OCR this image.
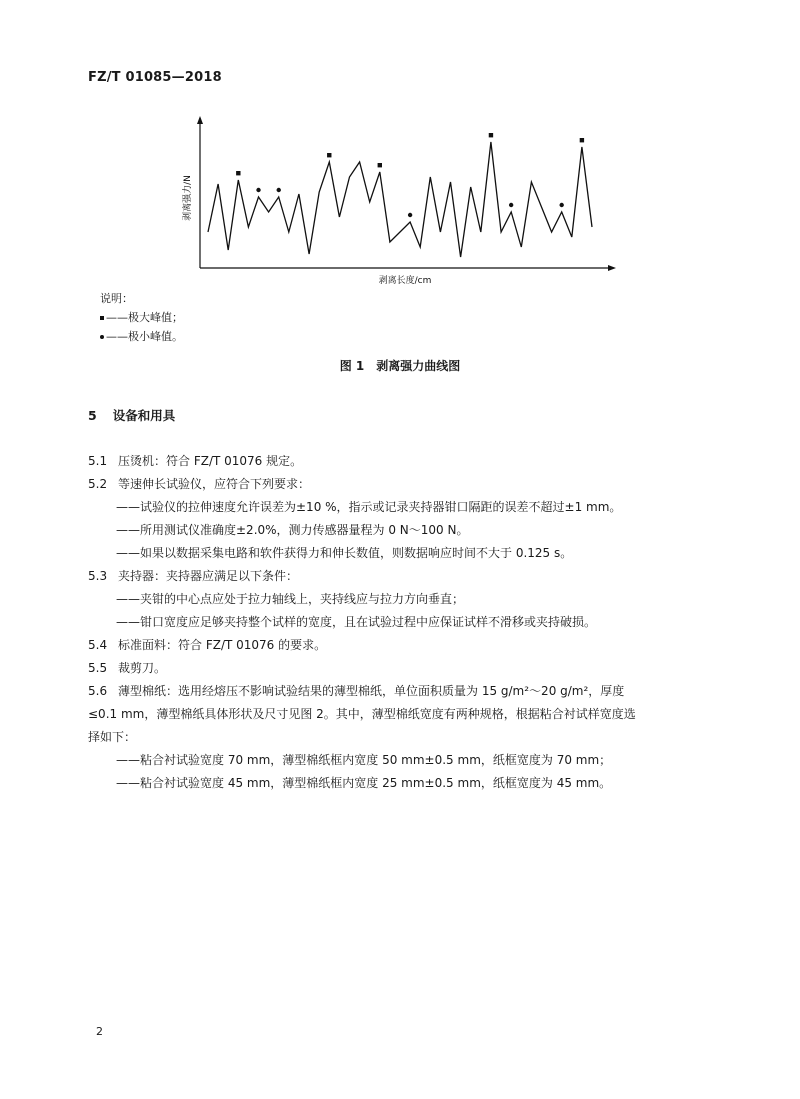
FZ/T 01085—2018
剥离长度/cm
剥离强力/N
说明：
——极大峰值；
——极小峰值。
图 1　剥离强力曲线图
5 设备和用具
5.1 压烫机：符合 FZ/T 01076 规定。
5.2 等速伸长试验仪，应符合下列要求：
——试验仪的拉伸速度允许误差为±10 %，指示或记录夹持器钳口隔距的误差不超过±1 mm。
——所用测试仪准确度±2.0%，测力传感器量程为 0 N～100 N。
——如果以数据采集电路和软件获得力和伸长数值，则数据响应时间不大于 0.125 s。
5.3 夹持器：夹持器应满足以下条件：
——夹钳的中心点应处于拉力轴线上，夹持线应与拉力方向垂直；
——钳口宽度应足够夹持整个试样的宽度，且在试验过程中应保证试样不滑移或夹持破损。
5.4 标准面料：符合 FZ/T 01076 的要求。
5.5 裁剪刀。
5.6 薄型棉纸：选用经熔压不影响试验结果的薄型棉纸，单位面积质量为 15 g/m²～20 g/m²，厚度
≤0.1 mm，薄型棉纸具体形状及尺寸见图 2。其中，薄型棉纸宽度有两种规格，根据粘合衬试样宽度选
择如下：
——粘合衬试验宽度 70 mm，薄型棉纸框内宽度 50 mm±0.5 mm，纸框宽度为 70 mm；
——粘合衬试验宽度 45 mm，薄型棉纸框内宽度 25 mm±0.5 mm，纸框宽度为 45 mm。
2
